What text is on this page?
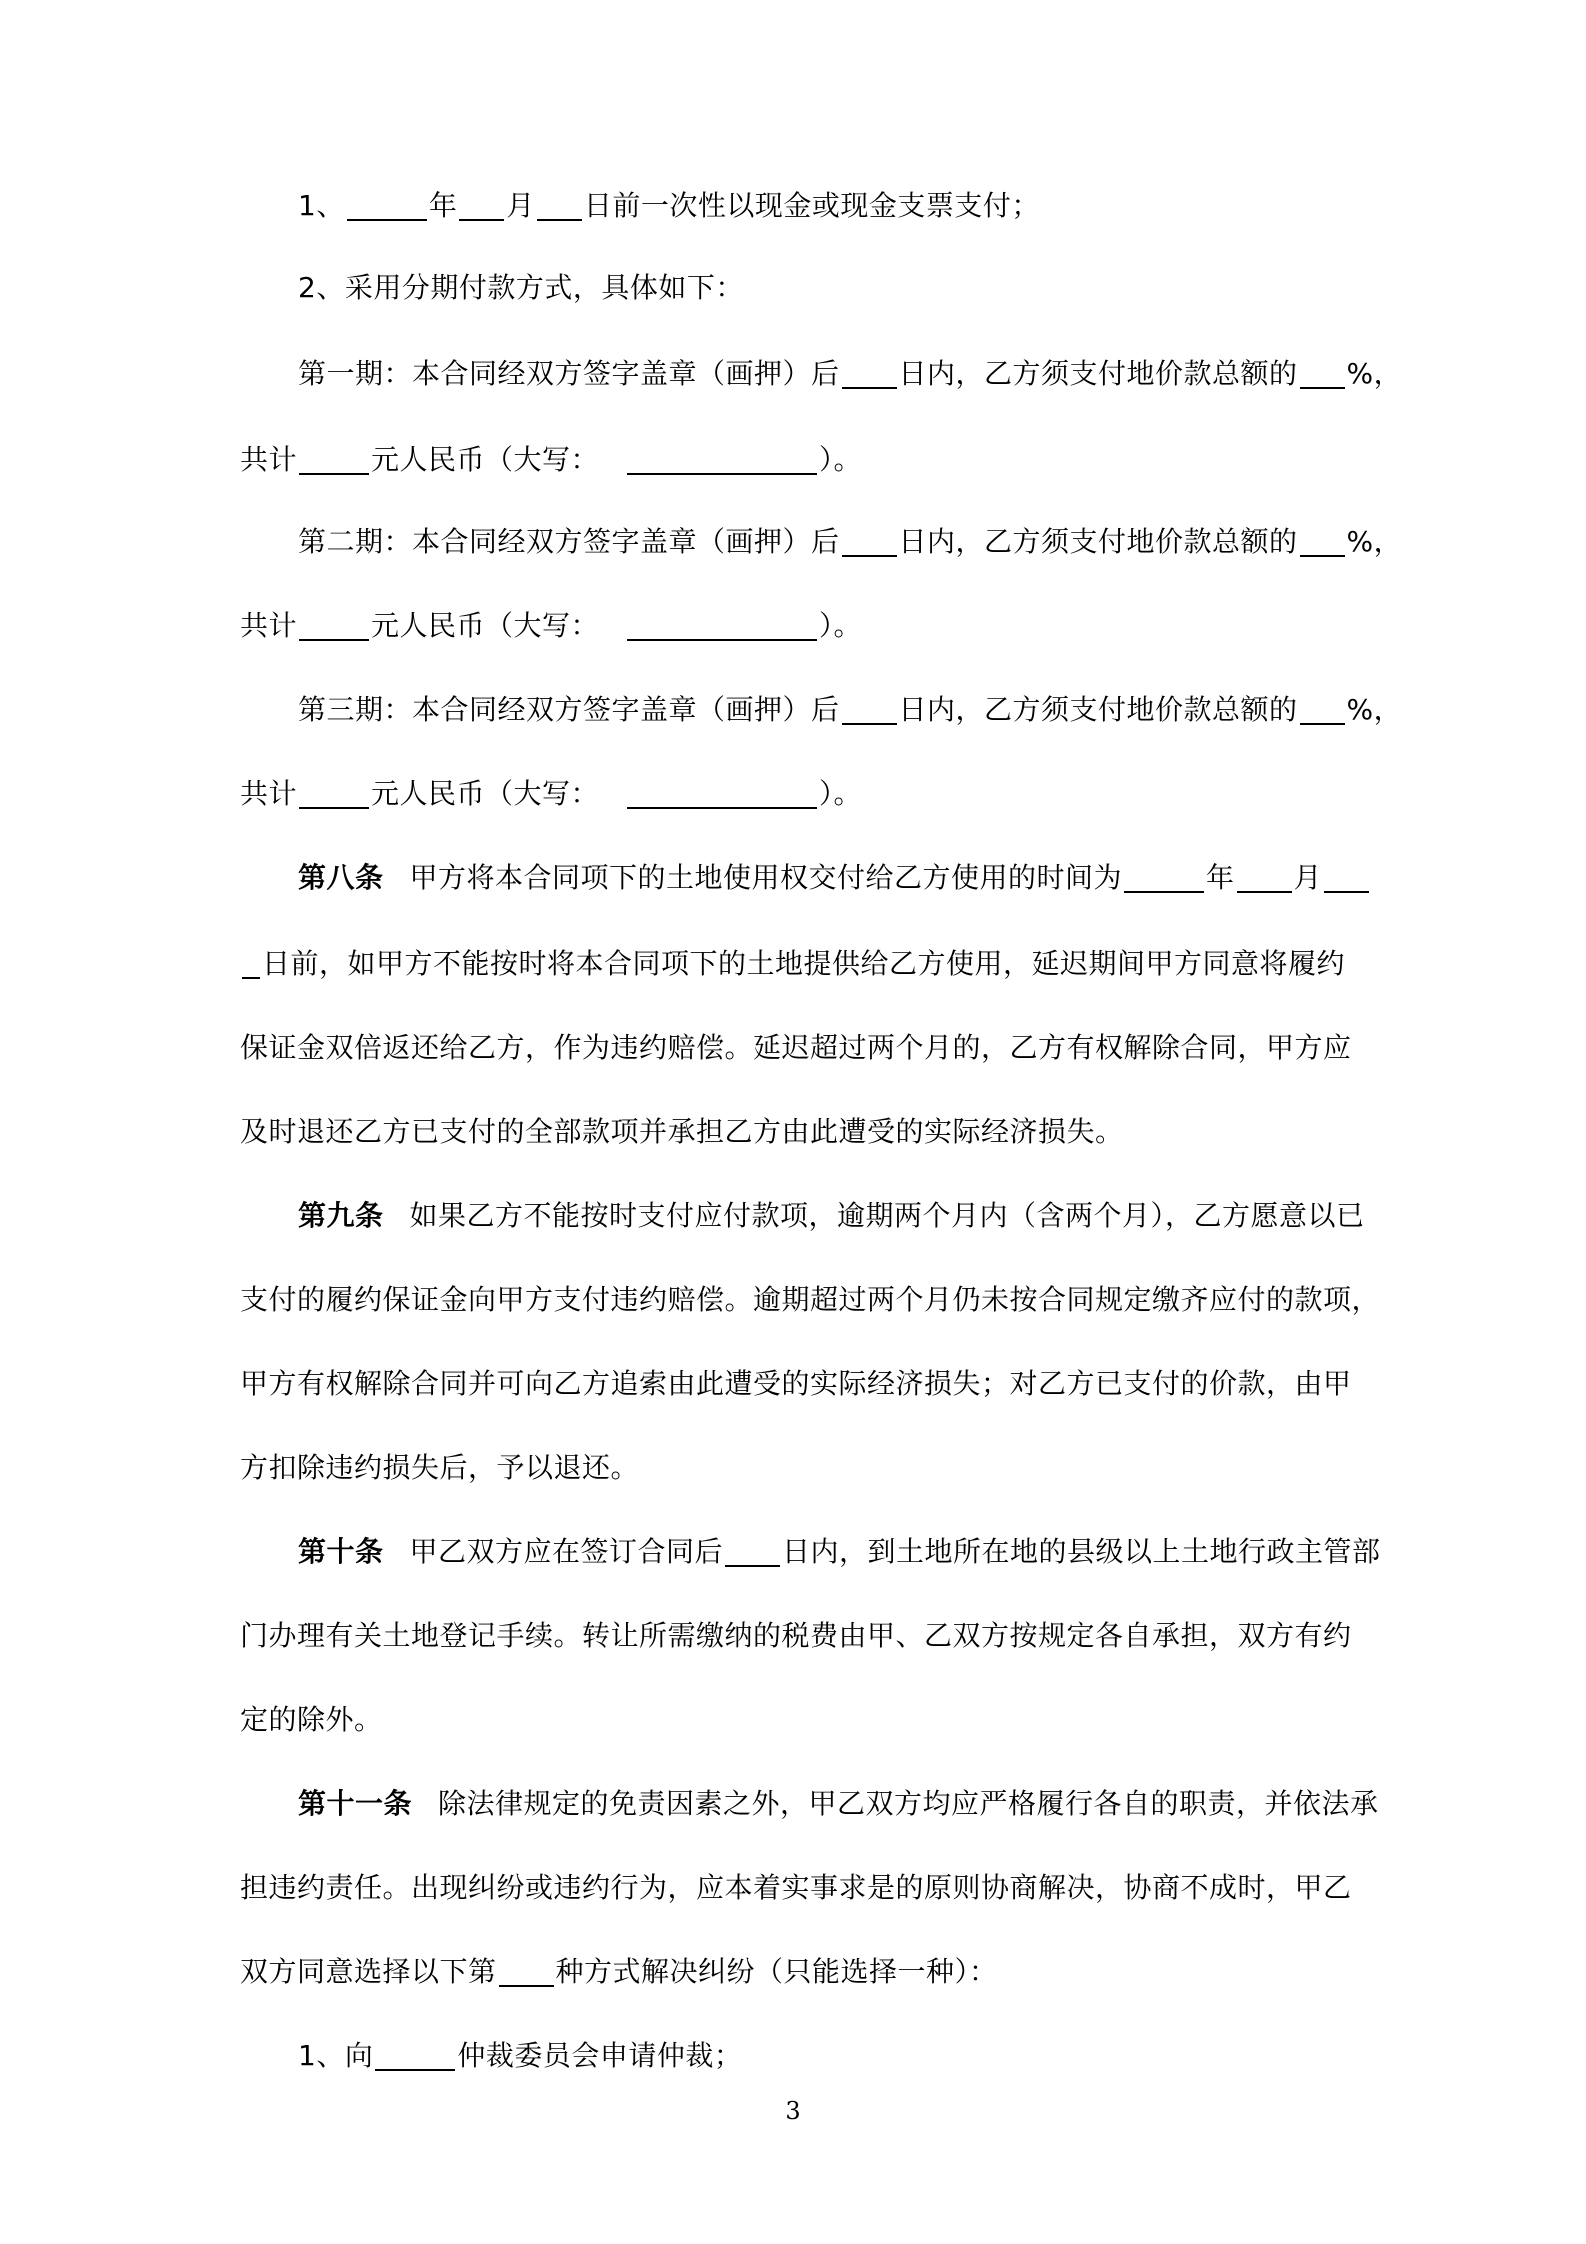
1、	年 月 日前一次性以现金或现金支票支付；
2、采用分期付款方式，具体如下：
第一期：本合同经双方签字盖章（画押）后 日内，乙方须支付地价款总额的 %，
共计	元人民币（大写：	）。
第二期：本合同经双方签字盖章（画押）后 日内，乙方须支付地价款总额的 %，
共计	元人民币（大写：	）。
第三期：本合同经双方签字盖章（画押）后 日内，乙方须支付地价款总额的 %，
共计	元人民币（大写：	）。
第八条 甲方将本合同项下的土地使用权交付给乙方使用的时间为	年 月
日前，如甲方不能按时将本合同项下的土地提供给乙方使用，延迟期间甲方同意将履约
保证金双倍返还给乙方，作为违约赔偿。延迟超过两个月的，乙方有权解除合同，甲方应
及时退还乙方已支付的全部款项并承担乙方由此遭受的实际经济损失。
第九条 如果乙方不能按时支付应付款项，逾期两个月内（含两个月），乙方愿意以已
支付的履约保证金向甲方支付违约赔偿。逾期超过两个月仍未按合同规定缴齐应付的款项，
甲方有权解除合同并可向乙方追索由此遭受的实际经济损失；对乙方已支付的价款，由甲
方扣除违约损失后，予以退还。
第十条 甲乙双方应在签订合同后 日内，到土地所在地的县级以上土地行政主管部
门办理有关土地登记手续。转让所需缴纳的税费由甲、乙双方按规定各自承担，双方有约
定的除外。
第十一条 除法律规定的免责因素之外，甲乙双方均应严格履行各自的职责，并依法承
担违约责任。出现纠纷或违约行为，应本着实事求是的原则协商解决，协商不成时，甲乙
双方同意选择以下第 种方式解决纠纷（只能选择一种）：
1、向	仲裁委员会申请仲裁；
3
